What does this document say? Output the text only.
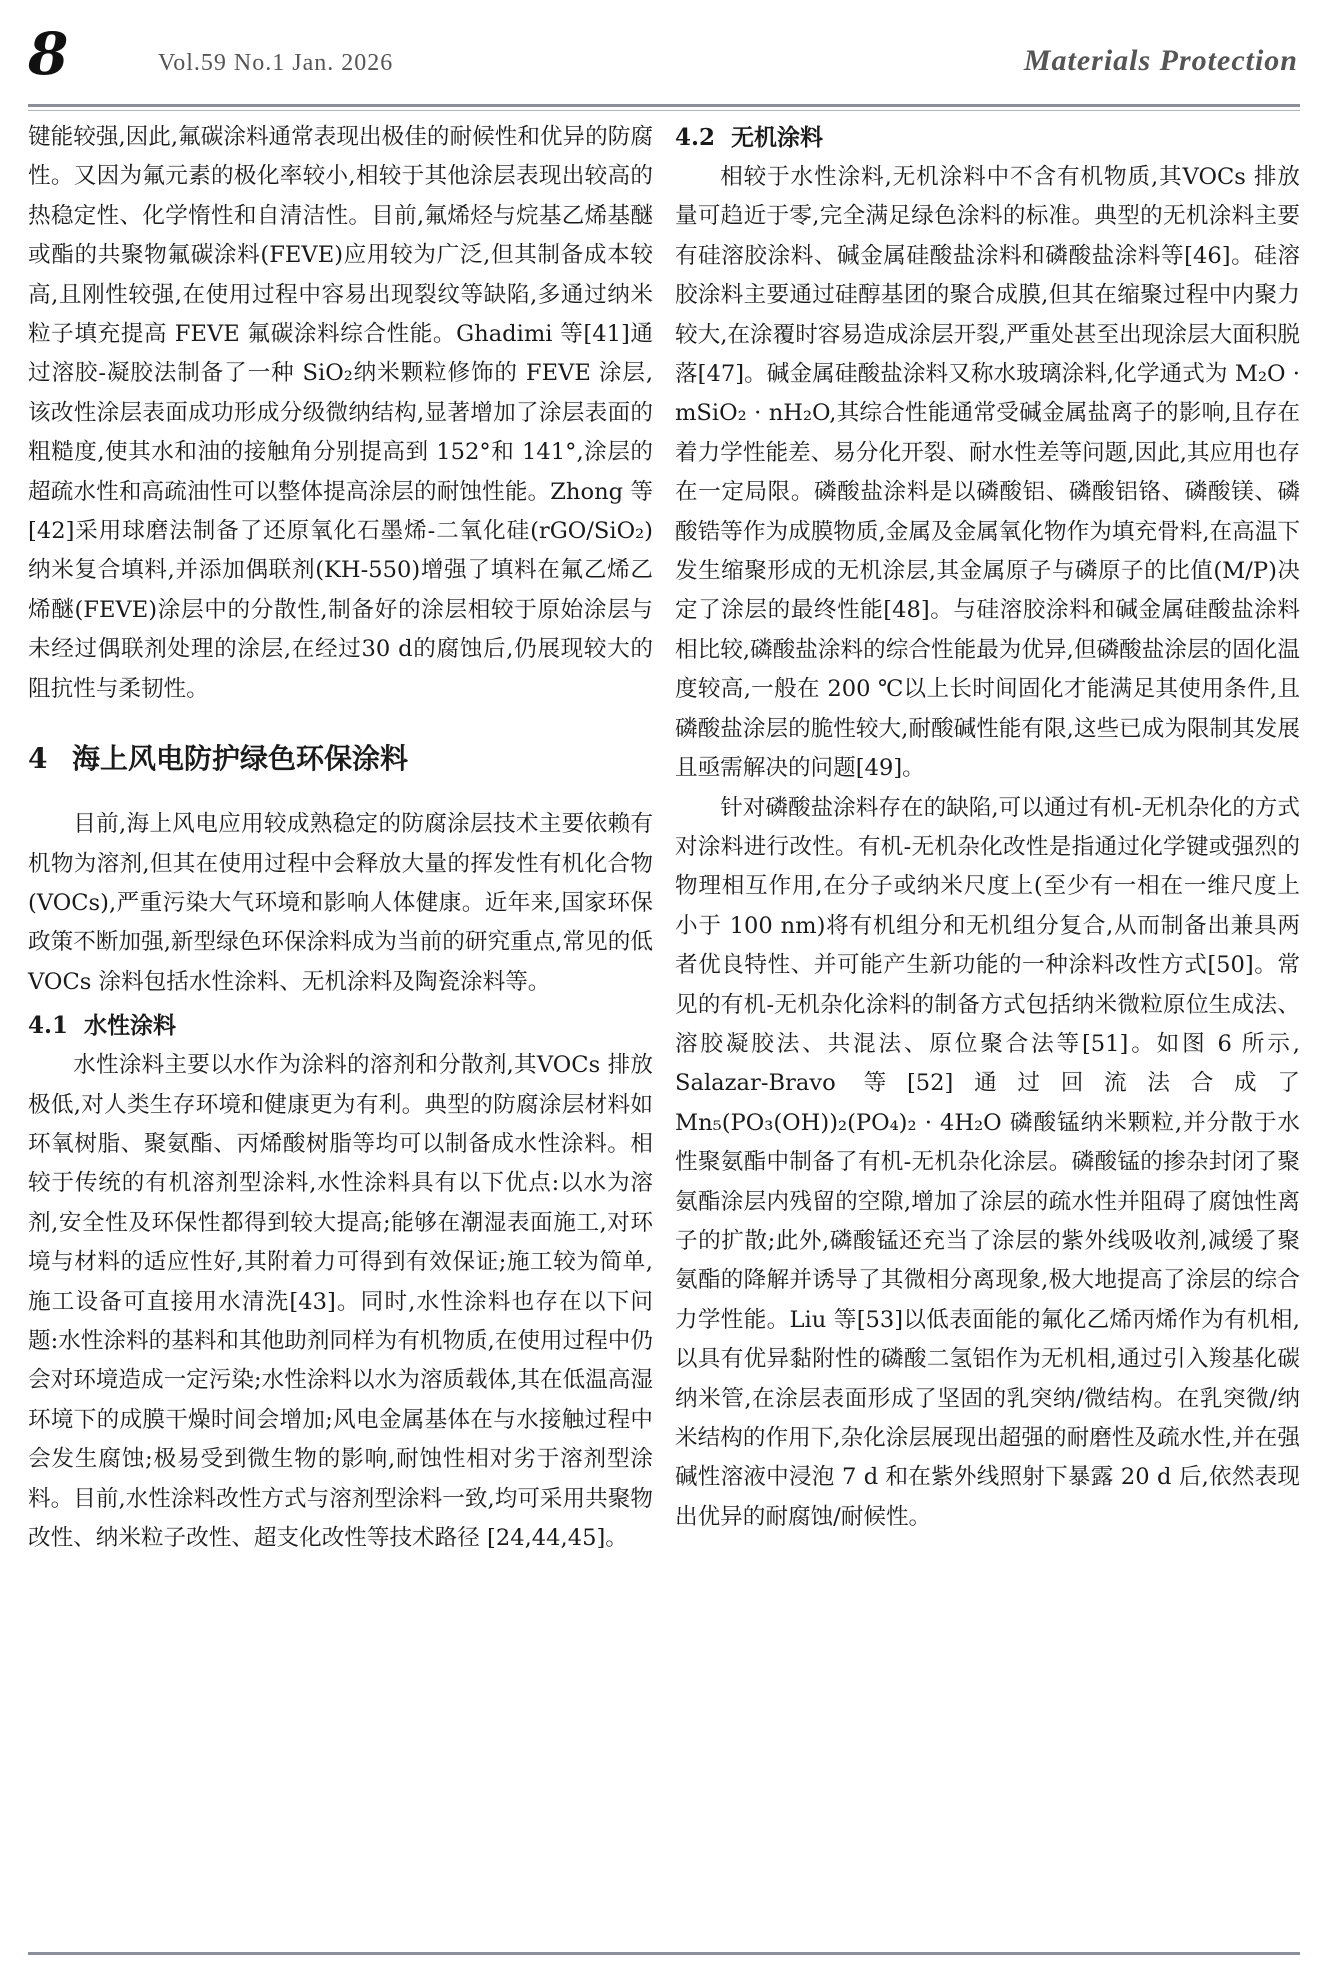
8	Vol.59 No.1 Jan. 2026	Materials Protection

键能较强,因此,氟碳涂料通常表现出极佳的耐候性和优异的防腐性。又因为氟元素的极化率较小,相较于其他涂层表现出较高的热稳定性、化学惰性和自清洁性。目前,氟烯烃与烷基乙烯基醚或酯的共聚物氟碳涂料(FEVE)应用较为广泛,但其制备成本较高,且刚性较强,在使用过程中容易出现裂纹等缺陷,多通过纳米粒子填充提高 FEVE 氟碳涂料综合性能。Ghadimi 等[41]通过溶胶-凝胶法制备了一种 SiO₂纳米颗粒修饰的 FEVE 涂层,该改性涂层表面成功形成分级微纳结构,显著增加了涂层表面的粗糙度,使其水和油的接触角分别提高到 152°和 141°,涂层的超疏水性和高疏油性可以整体提高涂层的耐蚀性能。Zhong 等[42]采用球磨法制备了还原氧化石墨烯-二氧化硅(rGO/SiO₂)纳米复合填料,并添加偶联剂(KH-550)增强了填料在氟乙烯乙烯醚(FEVE)涂层中的分散性,制备好的涂层相较于原始涂层与未经过偶联剂处理的涂层,在经过30 d的腐蚀后,仍展现较大的阻抗性与柔韧性。

4 海上风电防护绿色环保涂料

目前,海上风电应用较成熟稳定的防腐涂层技术主要依赖有机物为溶剂,但其在使用过程中会释放大量的挥发性有机化合物(VOCs),严重污染大气环境和影响人体健康。近年来,国家环保政策不断加强,新型绿色环保涂料成为当前的研究重点,常见的低 VOCs 涂料包括水性涂料、无机涂料及陶瓷涂料等。

4.1 水性涂料

水性涂料主要以水作为涂料的溶剂和分散剂,其VOCs 排放极低,对人类生存环境和健康更为有利。典型的防腐涂层材料如环氧树脂、聚氨酯、丙烯酸树脂等均可以制备成水性涂料。相较于传统的有机溶剂型涂料,水性涂料具有以下优点:以水为溶剂,安全性及环保性都得到较大提高;能够在潮湿表面施工,对环境与材料的适应性好,其附着力可得到有效保证;施工较为简单,施工设备可直接用水清洗[43]。同时,水性涂料也存在以下问题:水性涂料的基料和其他助剂同样为有机物质,在使用过程中仍会对环境造成一定污染;水性涂料以水为溶质载体,其在低温高湿环境下的成膜干燥时间会增加;风电金属基体在与水接触过程中会发生腐蚀;极易受到微生物的影响,耐蚀性相对劣于溶剂型涂料。目前,水性涂料改性方式与溶剂型涂料一致,均可采用共聚物改性、纳米粒子改性、超支化改性等技术路径 [24,44,45]。

4.2 无机涂料

相较于水性涂料,无机涂料中不含有机物质,其VOCs 排放量可趋近于零,完全满足绿色涂料的标准。典型的无机涂料主要有硅溶胶涂料、碱金属硅酸盐涂料和磷酸盐涂料等[46]。硅溶胶涂料主要通过硅醇基团的聚合成膜,但其在缩聚过程中内聚力较大,在涂覆时容易造成涂层开裂,严重处甚至出现涂层大面积脱落[47]。碱金属硅酸盐涂料又称水玻璃涂料,化学通式为 M₂O · mSiO₂ · nH₂O,其综合性能通常受碱金属盐离子的影响,且存在着力学性能差、易分化开裂、耐水性差等问题,因此,其应用也存在一定局限。磷酸盐涂料是以磷酸铝、磷酸铝铬、磷酸镁、磷酸锆等作为成膜物质,金属及金属氧化物作为填充骨料,在高温下发生缩聚形成的无机涂层,其金属原子与磷原子的比值(M/P)决定了涂层的最终性能[48]。与硅溶胶涂料和碱金属硅酸盐涂料相比较,磷酸盐涂料的综合性能最为优异,但磷酸盐涂层的固化温度较高,一般在 200 ℃以上长时间固化才能满足其使用条件,且磷酸盐涂层的脆性较大,耐酸碱性能有限,这些已成为限制其发展且亟需解决的问题[49]。

针对磷酸盐涂料存在的缺陷,可以通过有机-无机杂化的方式对涂料进行改性。有机-无机杂化改性是指通过化学键或强烈的物理相互作用,在分子或纳米尺度上(至少有一相在一维尺度上小于 100 nm)将有机组分和无机组分复合,从而制备出兼具两者优良特性、并可能产生新功能的一种涂料改性方式[50]。常见的有机-无机杂化涂料的制备方式包括纳米微粒原位生成法、溶胶凝胶法、共混法、原位聚合法等[51]。如图 6 所示, Salazar-Bravo 等[52]通过回流法合成了 Mn₅(PO₃(OH))₂(PO₄)₂ · 4H₂O 磷酸锰纳米颗粒,并分散于水性聚氨酯中制备了有机-无机杂化涂层。磷酸锰的掺杂封闭了聚氨酯涂层内残留的空隙,增加了涂层的疏水性并阻碍了腐蚀性离子的扩散;此外,磷酸锰还充当了涂层的紫外线吸收剂,减缓了聚氨酯的降解并诱导了其微相分离现象,极大地提高了涂层的综合力学性能。Liu 等[53]以低表面能的氟化乙烯丙烯作为有机相,以具有优异黏附性的磷酸二氢铝作为无机相,通过引入羧基化碳纳米管,在涂层表面形成了坚固的乳突纳/微结构。在乳突微/纳米结构的作用下,杂化涂层展现出超强的耐磨性及疏水性,并在强碱性溶液中浸泡 7 d 和在紫外线照射下暴露 20 d 后,依然表现出优异的耐腐蚀/耐候性。
